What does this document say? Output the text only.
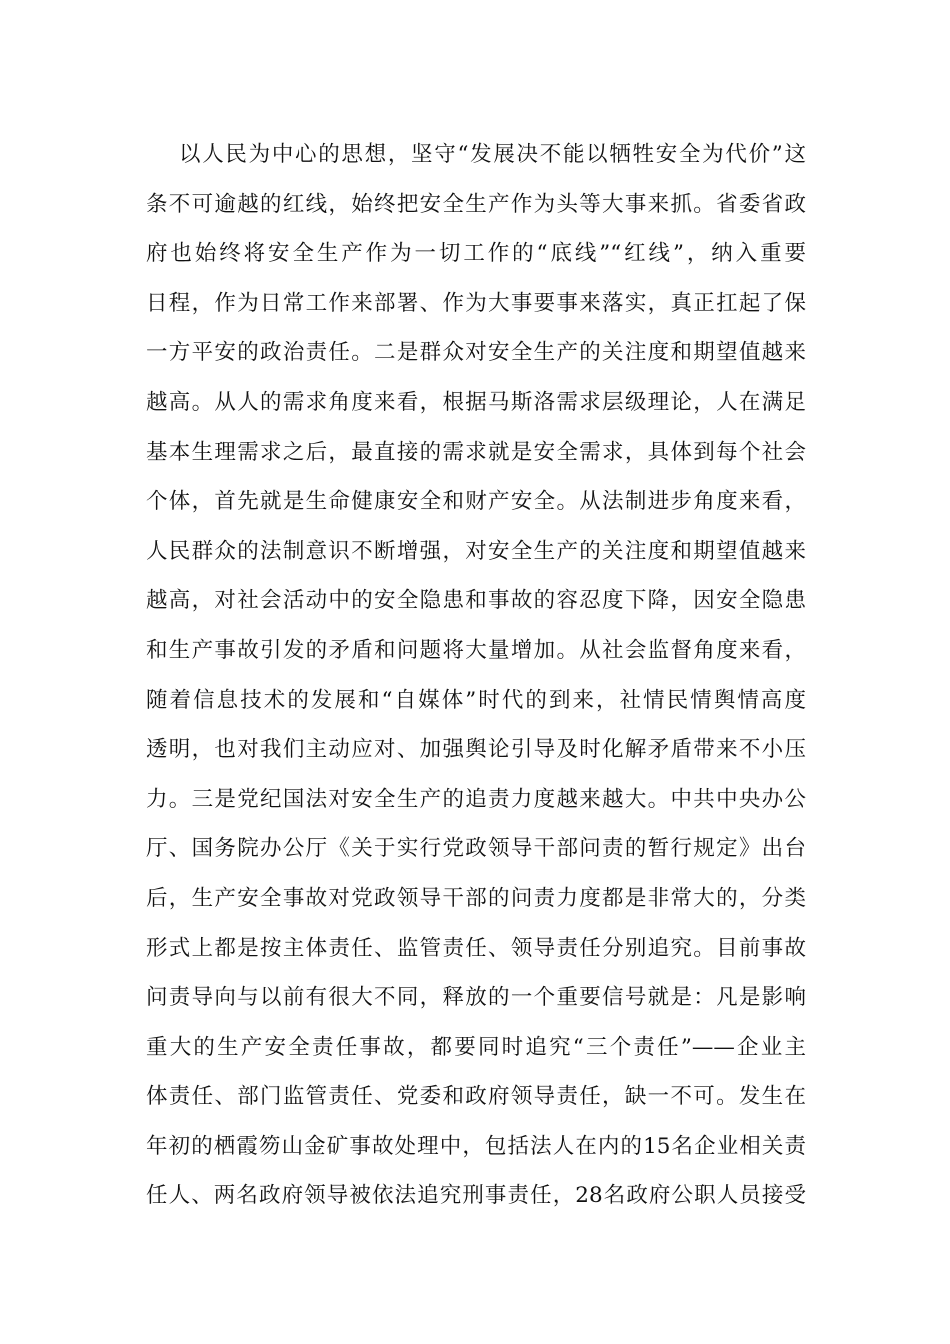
以人民为中心的思想，坚守“发展决不能以牺牲安全为代价”这
条不可逾越的红线，始终把安全生产作为头等大事来抓。省委省政
府也始终将安全生产作为一切工作的“底线”“红线”，纳入重要
日程，作为日常工作来部署、作为大事要事来落实，真正扛起了保
一方平安的政治责任。二是群众对安全生产的关注度和期望值越来
越高。从人的需求角度来看，根据马斯洛需求层级理论，人在满足
基本生理需求之后，最直接的需求就是安全需求，具体到每个社会
个体，首先就是生命健康安全和财产安全。从法制进步角度来看，
人民群众的法制意识不断增强，对安全生产的关注度和期望值越来
越高，对社会活动中的安全隐患和事故的容忍度下降，因安全隐患
和生产事故引发的矛盾和问题将大量增加。从社会监督角度来看，
随着信息技术的发展和“自媒体”时代的到来，社情民情舆情高度
透明，也对我们主动应对、加强舆论引导及时化解矛盾带来不小压
力。三是党纪国法对安全生产的追责力度越来越大。中共中央办公
厅、国务院办公厅《关于实行党政领导干部问责的暂行规定》出台
后，生产安全事故对党政领导干部的问责力度都是非常大的，分类
形式上都是按主体责任、监管责任、领导责任分别追究。目前事故
问责导向与以前有很大不同，释放的一个重要信号就是：凡是影响
重大的生产安全责任事故，都要同时追究“三个责任”——企业主
体责任、部门监管责任、党委和政府领导责任，缺一不可。发生在
年初的栖霞笏山金矿事故处理中，包括法人在内的15名企业相关责
任人、两名政府领导被依法追究刑事责任，28名政府公职人员接受
